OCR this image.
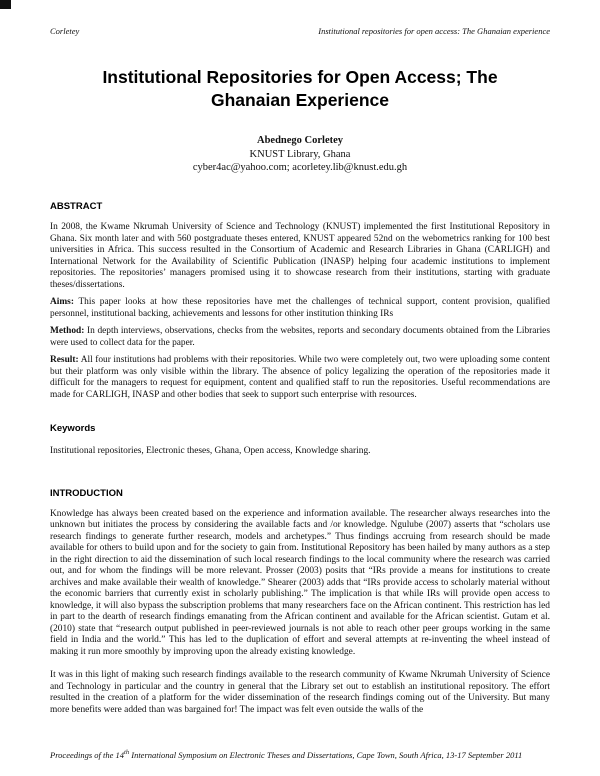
Corletey	Institutional repositories for open access: The Ghanaian experience
Institutional Repositories for Open Access; The Ghanaian Experience
Abednego Corletey
KNUST Library, Ghana
cyber4ac@yahoo.com; acorletey.lib@knust.edu.gh
ABSTRACT

In 2008, the Kwame Nkrumah University of Science and Technology (KNUST) implemented the first Institutional Repository in Ghana. Six month later and with 560 postgraduate theses entered, KNUST appeared 52nd on the webometrics ranking for 100 best universities in Africa. This success resulted in the Consortium of Academic and Research Libraries in Ghana (CARLIGH) and International Network for the Availability of Scientific Publication (INASP) helping four academic institutions to implement repositories. The repositories’ managers promised using it to showcase research from their institutions, starting with graduate theses/dissertations.

Aims: This paper looks at how these repositories have met the challenges of technical support, content provision, qualified personnel, institutional backing, achievements and lessons for other institution thinking IRs

Method: In depth interviews, observations, checks from the websites, reports and secondary documents obtained from the Libraries were used to collect data for the paper.

Result: All four institutions had problems with their repositories. While two were completely out, two were uploading some content but their platform was only visible within the library. The absence of policy legalizing the operation of the repositories made it difficult for the managers to request for equipment, content and qualified staff to run the repositories. Useful recommendations are made for CARLIGH, INASP and other bodies that seek to support such enterprise with resources.

Keywords

Institutional repositories, Electronic theses, Ghana, Open access, Knowledge sharing.

INTRODUCTION

Knowledge has always been created based on the experience and information available. The researcher always researches into the unknown but initiates the process by considering the available facts and /or knowledge. Ngulube (2007) asserts that “scholars use research findings to generate further research, models and archetypes.” Thus findings accruing from research should be made available for others to build upon and for the society to gain from. Institutional Repository has been hailed by many authors as a step in the right direction to aid the dissemination of such local research findings to the local community where the research was carried out, and for whom the findings will be more relevant. Prosser (2003) posits that “IRs provide a means for institutions to create archives and make available their wealth of knowledge.” Shearer (2003) adds that “IRs provide access to scholarly material without the economic barriers that currently exist in scholarly publishing.” The implication is that while IRs will provide open access to knowledge, it will also bypass the subscription problems that many researchers face on the African continent. This restriction has led in part to the dearth of research findings emanating from the African continent and available for the African scientist. Gutam et al. (2010) state that “research output published in peer-reviewed journals is not able to reach other peer groups working in the same field in India and the world.” This has led to the duplication of effort and several attempts at re-inventing the wheel instead of making it run more smoothly by improving upon the already existing knowledge.

It was in this light of making such research findings available to the research community of Kwame Nkrumah University of Science and Technology in particular and the country in general that the Library set out to establish an institutional repository. The effort resulted in the creation of a platform for the wider dissemination of the research findings coming out of the University. But many more benefits were added than was bargained for! The impact was felt even outside the walls of the

Proceedings of the 14th International Symposium on Electronic Theses and Dissertations, Cape Town, South Africa, 13-17 September 2011
